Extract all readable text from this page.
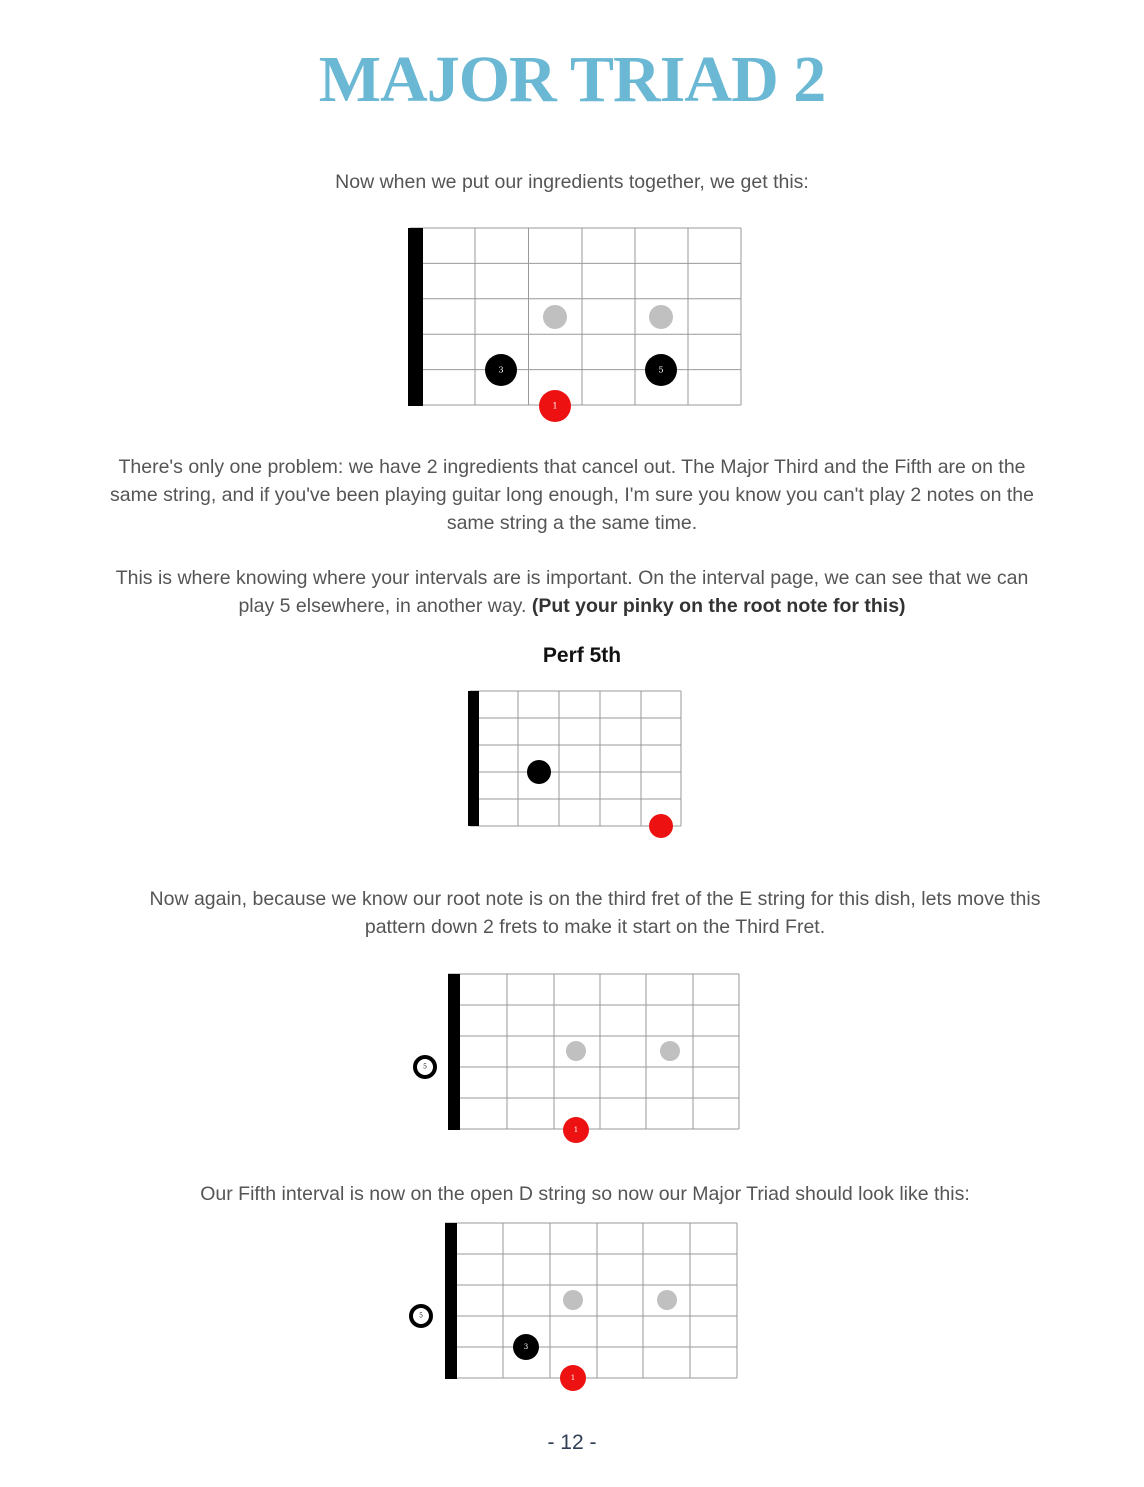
MAJOR TRIAD 2

Now when we put our ingredients together, we get this:

3	5
1

There's only one problem: we have 2 ingredients that cancel out. The Major Third and the Fifth are on the same string, and if you've been playing guitar long enough, I'm sure you know you can't play 2 notes on the same string a the same time.

This is where knowing where your intervals are is important. On the interval page, we can see that we can play 5 elsewhere, in another way. (Put your pinky on the root note for this)

Perf 5th

Now again, because we know our root note is on the third fret of the E string for this dish, lets move this pattern down 2 frets to make it start on the Third Fret.

5
1

Our Fifth interval is now on the open D string so now our Major Triad should look like this:

5
3
1
- 12 -
